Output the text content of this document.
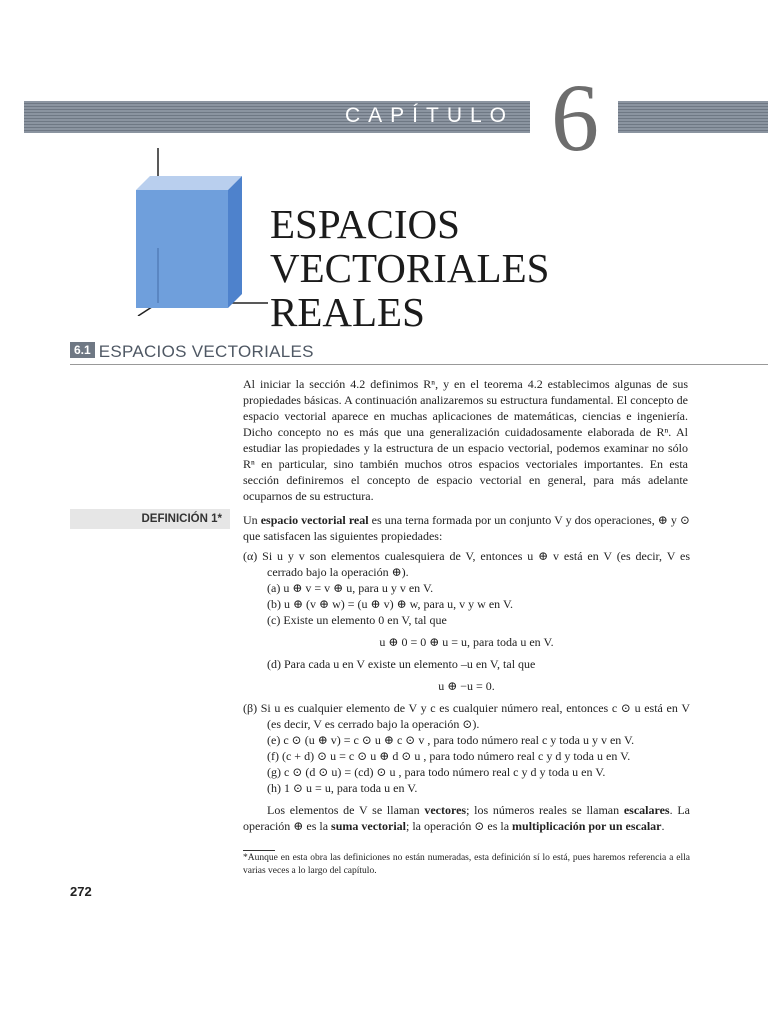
CAPÍTULO 6
ESPACIOS
VECTORIALES
REALES
6.1 ESPACIOS VECTORIALES

Al iniciar la sección 4.2 definimos Rⁿ, y en el teorema 4.2 establecimos algunas de sus propiedades básicas. A continuación analizaremos su estructura fundamental. El concepto de espacio vectorial aparece en muchas aplicaciones de matemáticas, ciencias e ingeniería. Dicho concepto no es más que una generalización cuidadosamente elaborada de Rⁿ. Al estudiar las propiedades y la estructura de un espacio vectorial, podemos examinar no sólo Rⁿ en particular, sino también muchos otros espacios vectoriales importantes. En esta sección definiremos el concepto de espacio vectorial en general, para más adelante ocuparnos de su estructura.

DEFINICIÓN 1*	Un espacio vectorial real es una terna formada por un conjunto V y dos operaciones, ⊕ y ⊙ que satisfacen las siguientes propiedades:

(α) Si u y v son elementos cualesquiera de V, entonces u ⊕ v está en V (es decir, V es cerrado bajo la operación ⊕).

(a) u ⊕ v = v ⊕ u, para u y v en V.

(b) u ⊕ (v ⊕ w) = (u ⊕ v) ⊕ w, para u, v y w en V.

(c) Existe un elemento 0 en V, tal que

u ⊕ 0 = 0 ⊕ u = u, para toda u en V.

(d) Para cada u en V existe un elemento –u en V, tal que

u ⊕ −u = 0.

(β) Si u es cualquier elemento de V y c es cualquier número real, entonces c ⊙ u está en V (es decir, V es cerrado bajo la operación ⊙).

(e) c ⊙ (u ⊕ v) = c ⊙ u ⊕ c ⊙ v , para todo número real c y toda u y v en V.

(f) (c + d) ⊙ u = c ⊙ u ⊕ d ⊙ u , para todo número real c y d y toda u en V.

(g) c ⊙ (d ⊙ u) = (cd) ⊙ u , para todo número real c y d y toda u en V.

(h) 1 ⊙ u = u, para toda u en V.

Los elementos de V se llaman vectores; los números reales se llaman escalares. La operación ⊕ es la suma vectorial; la operación ⊙ es la multiplicación por un escalar.

*Aunque en esta obra las definiciones no están numeradas, esta definición sí lo está, pues haremos referencia a ella varias veces a lo largo del capítulo.

272
